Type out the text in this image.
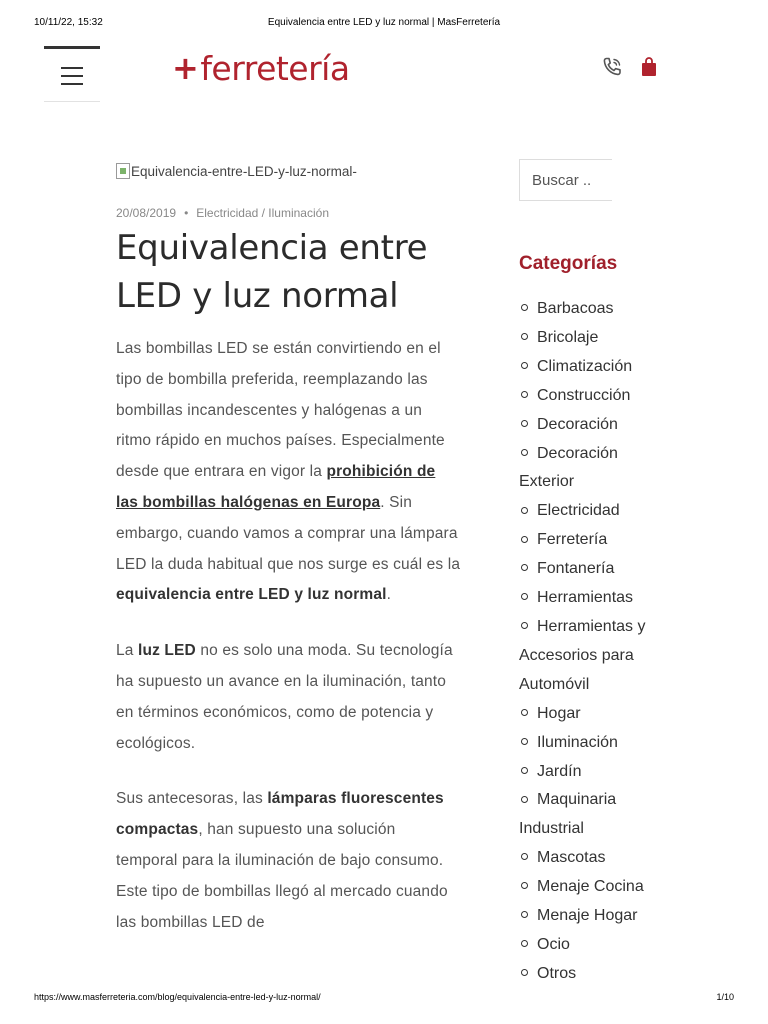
10/11/22, 15:32	Equivalencia entre LED y luz normal | MasFerretería
+ ferretería
Equivalencia-entre-LED-y-luz-normal-
20/08/2019 • Electricidad / Iluminación
Equivalencia entre LED y luz normal

Las bombillas LED se están convirtiendo en el tipo de bombilla preferida, reemplazando las bombillas incandescentes y halógenas a un ritmo rápido en muchos países. Especialmente desde que entrara en vigor la prohibición de las bombillas halógenas en Europa. Sin embargo, cuando vamos a comprar una lámpara LED la duda habitual que nos surge es cuál es la equivalencia entre LED y luz normal.

La luz LED no es solo una moda. Su tecnología ha supuesto un avance en la iluminación, tanto en términos económicos, como de potencia y ecológicos.

Sus antecesoras, las lámparas fluorescentes compactas, han supuesto una solución temporal para la iluminación de bajo consumo. Este tipo de bombillas llegó al mercado cuando las bombillas LED de

Buscar ..
Categorías
Barbacoas
Bricolaje
Climatización
Construcción
Decoración
Decoración Exterior
Electricidad
Ferretería
Fontanería
Herramientas
Herramientas y Accesorios para Automóvil
Hogar
Iluminación
Jardín
Maquinaria Industrial
Mascotas
Menaje Cocina
Menaje Hogar
Ocio
Otros
https://www.masferreteria.com/blog/equivalencia-entre-led-y-luz-normal/	1/10
